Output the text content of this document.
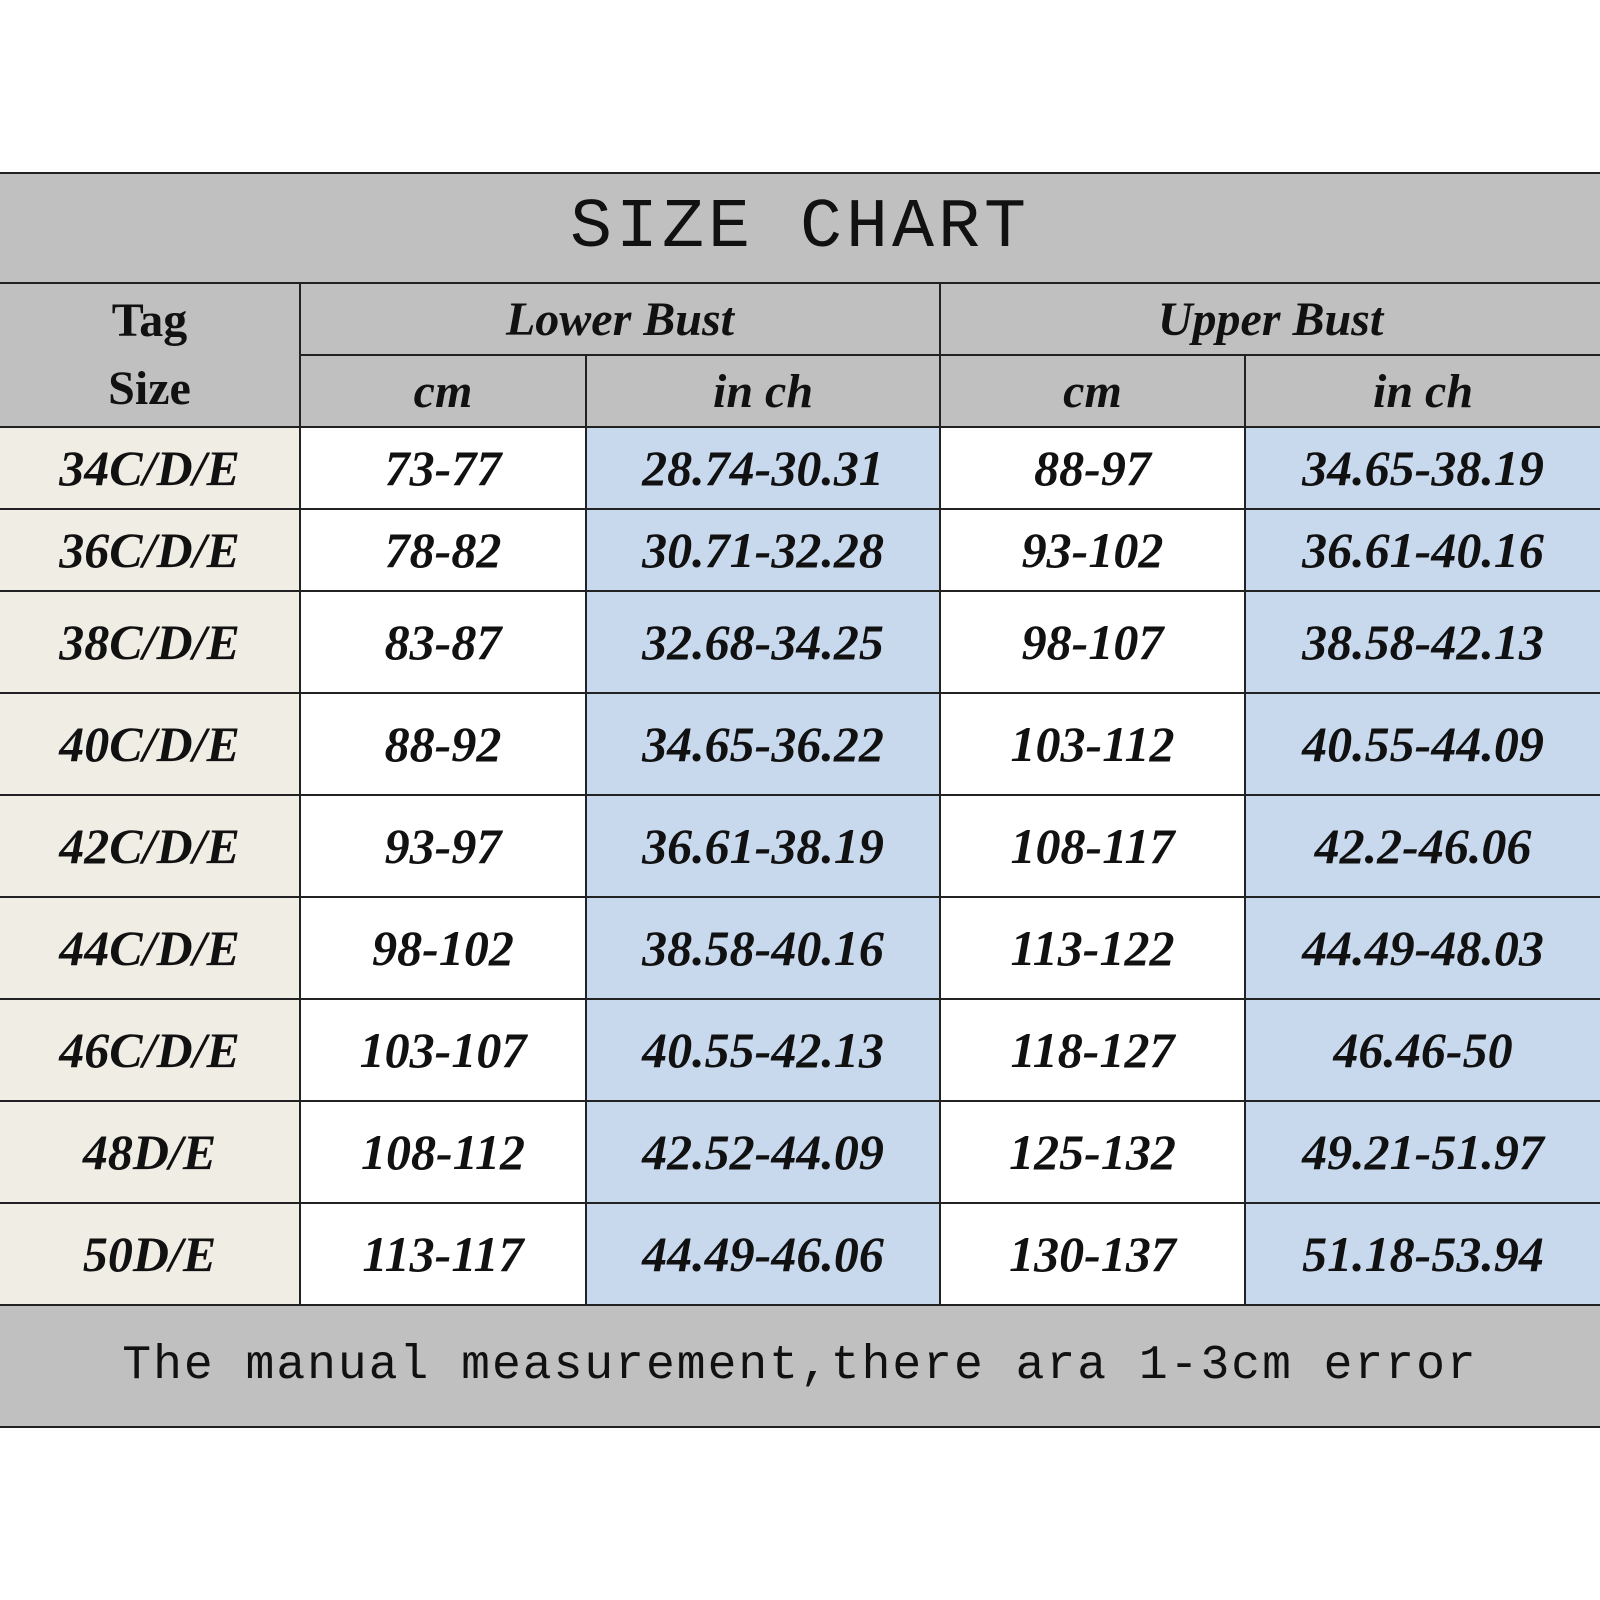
SIZE CHART				
Tag Size	Lower Bust		Upper Bust	
	cm	in ch	cm	in ch
34C/D/E	73-77	28.74-30.31	88-97	34.65-38.19
36C/D/E	78-82	30.71-32.28	93-102	36.61-40.16
38C/D/E	83-87	32.68-34.25	98-107	38.58-42.13
40C/D/E	88-92	34.65-36.22	103-112	40.55-44.09
42C/D/E	93-97	36.61-38.19	108-117	42.2-46.06
44C/D/E	98-102	38.58-40.16	113-122	44.49-48.03
46C/D/E	103-107	40.55-42.13	118-127	46.46-50
48D/E	108-112	42.52-44.09	125-132	49.21-51.97
50D/E	113-117	44.49-46.06	130-137	51.18-53.94
The manual measurement,there ara 1-3cm error				
